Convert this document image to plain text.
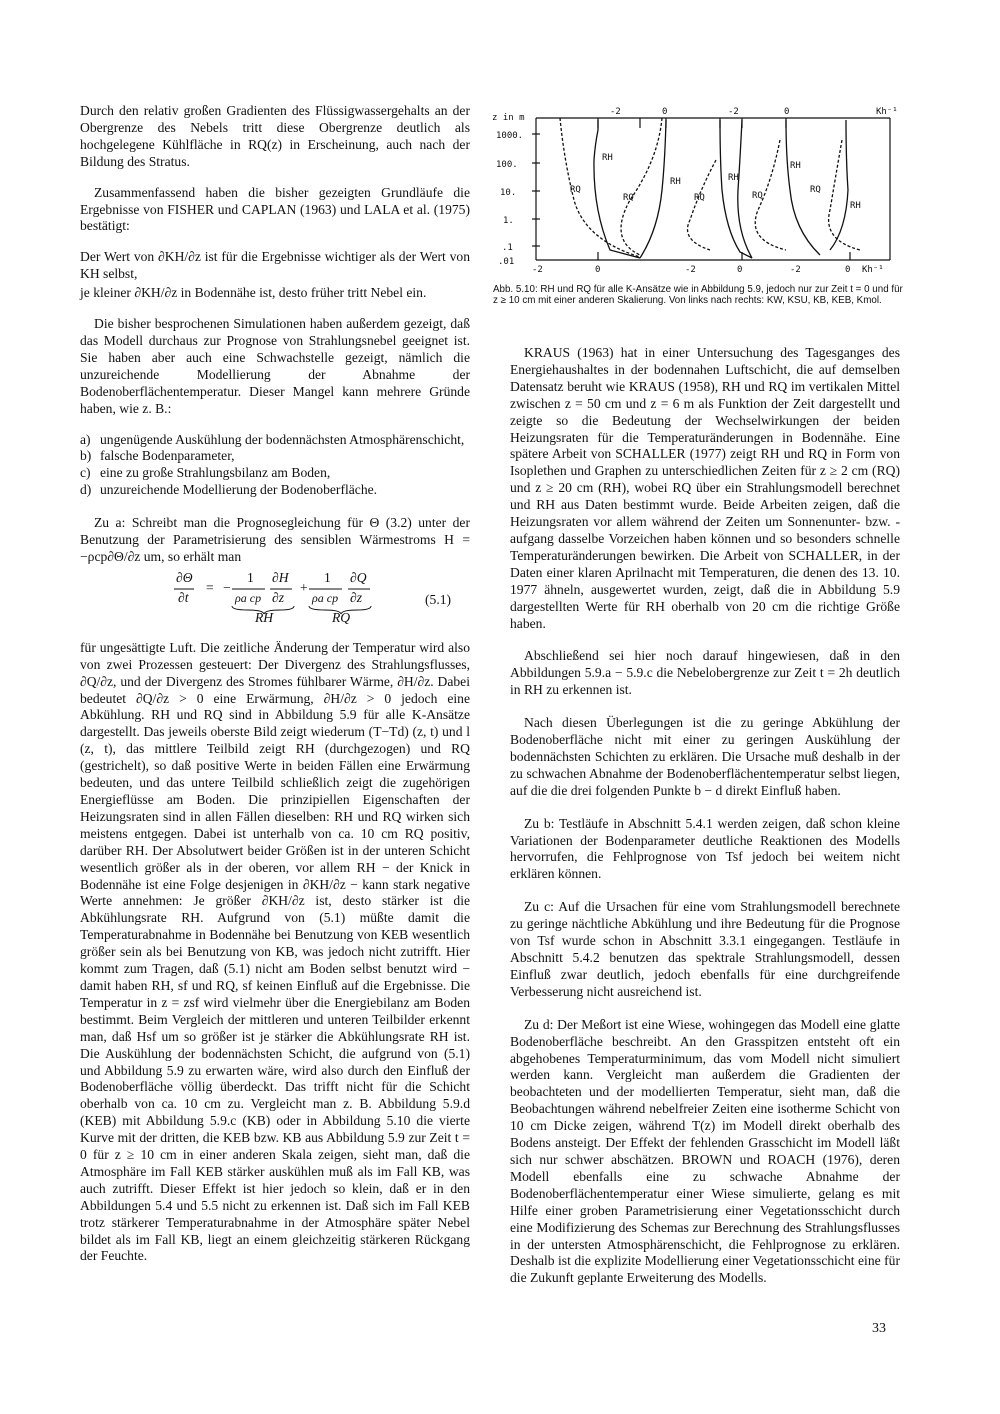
Durch den relativ großen Gradienten des Flüssigwassergehalts an der Obergrenze des Nebels tritt diese Obergrenze deutlich als hochgelegene Kühlfläche in RQ(z) in Erscheinung, auch nach der Bildung des Stratus.

Zusammenfassend haben die bisher gezeigten Grundläufe die Ergebnisse von FISHER und CAPLAN (1963) und LALA et al. (1975) bestätigt:

Der Wert von ∂KH/∂z ist für die Ergebnisse wichtiger als der Wert von KH selbst,

je kleiner ∂KH/∂z in Bodennähe ist, desto früher tritt Nebel ein.

Die bisher besprochenen Simulationen haben außerdem gezeigt, daß das Modell durchaus zur Prognose von Strahlungsnebel geeignet ist. Sie haben aber auch eine Schwachstelle gezeigt, nämlich die unzureichende Modellierung der Abnahme der Bodenoberflächentemperatur. Dieser Mangel kann mehrere Gründe haben, wie z. B.:

a) ungenügende Auskühlung der bodennächsten Atmosphärenschicht,
b) falsche Bodenparameter,
c) eine zu große Strahlungsbilanz am Boden,
d) unzureichende Modellierung der Bodenoberfläche.

Zu a: Schreibt man die Prognosegleichung für Θ (3.2) unter der Benutzung der Parametrisierung des sensiblen Wärmestroms H = −ρcp∂Θ/∂z um, so erhält man

∂Θ
∂t
= −
1
ρa cp
∂H
∂z
+
1
ρa cp
∂Q
∂z
RH	RQ
(5.1)

für ungesättigte Luft. Die zeitliche Änderung der Temperatur wird also von zwei Prozessen gesteuert: Der Divergenz des Strahlungsflusses, ∂Q/∂z, und der Divergenz des Stromes fühlbarer Wärme, ∂H/∂z. Dabei bedeutet ∂Q/∂z > 0 eine Erwärmung, ∂H/∂z > 0 jedoch eine Abkühlung. RH und RQ sind in Abbildung 5.9 für alle K-Ansätze dargestellt. Das jeweils oberste Bild zeigt wiederum (T−Td) (z, t) und l (z, t), das mittlere Teilbild zeigt RH (durchgezogen) und RQ (gestrichelt), so daß positive Werte in beiden Fällen eine Erwärmung bedeuten, und das untere Teilbild schließlich zeigt die zugehörigen Energieflüsse am Boden. Die prinzipiellen Eigenschaften der Heizungsraten sind in allen Fällen dieselben: RH und RQ wirken sich meistens entgegen. Dabei ist unterhalb von ca. 10 cm RQ positiv, darüber RH. Der Absolutwert beider Größen ist in der unteren Schicht wesentlich größer als in der oberen, vor allem RH − der Knick in Bodennähe ist eine Folge desjenigen in ∂KH/∂z − kann stark negative Werte annehmen: Je größer ∂KH/∂z ist, desto stärker ist die Abkühlungsrate RH. Aufgrund von (5.1) müßte damit die Temperaturabnahme in Bodennähe bei Benutzung von KEB wesentlich größer sein als bei Benutzung von KB, was jedoch nicht zutrifft. Hier kommt zum Tragen, daß (5.1) nicht am Boden selbst benutzt wird − damit haben RH, sf und RQ, sf keinen Einfluß auf die Ergebnisse. Die Temperatur in z = zsf wird vielmehr über die Energiebilanz am Boden bestimmt. Beim Vergleich der mittleren und unteren Teilbilder erkennt man, daß Hsf um so größer ist je stärker die Abkühlungsrate RH ist. Die Auskühlung der bodennächsten Schicht, die aufgrund von (5.1) und Abbildung 5.9 zu erwarten wäre, wird also durch den Einfluß der Bodenoberfläche völlig überdeckt. Das trifft nicht für die Schicht oberhalb von ca. 10 cm zu. Vergleicht man z. B. Abbildung 5.9.d (KEB) mit Abbildung 5.9.c (KB) oder in Abbildung 5.10 die vierte Kurve mit der dritten, die KEB bzw. KB aus Abbildung 5.9 zur Zeit t = 0 für z ≥ 10 cm in einer anderen Skala zeigen, sieht man, daß die Atmosphäre im Fall KEB stärker auskühlen muß als im Fall KB, was auch zutrifft. Dieser Effekt ist hier jedoch so klein, daß er in den Abbildungen 5.4 und 5.5 nicht zu erkennen ist. Daß sich im Fall KEB trotz stärkerer Temperaturabnahme in der Atmosphäre später Nebel bildet als im Fall KB, liegt an einem gleichzeitig stärkeren Rückgang der Feuchte.

z in m
1000.
100.
10.
1.
.1
.01
-2	0	-2	0	Kh⁻¹
-2	0	-2	0	-2	0 Kh⁻¹
RH
RQ
RQ
RH
RQ
RH
RQ
RH
RQ
RH
Abb. 5.10: RH und RQ für alle K-Ansätze wie in Abbildung 5.9, jedoch nur zur Zeit t = 0 und für z ≥ 10 cm mit einer anderen Skalierung. Von links nach rechts: KW, KSU, KB, KEB, Kmol.

KRAUS (1963) hat in einer Untersuchung des Tagesganges des Energiehaushaltes in der bodennahen Luftschicht, die auf demselben Datensatz beruht wie KRAUS (1958), RH und RQ im vertikalen Mittel zwischen z = 50 cm und z = 6 m als Funktion der Zeit dargestellt und zeigte so die Bedeutung der Wechselwirkungen der beiden Heizungsraten für die Temperaturänderungen in Bodennähe. Eine spätere Arbeit von SCHALLER (1977) zeigt RH und RQ in Form von Isoplethen und Graphen zu unterschiedlichen Zeiten für z ≥ 2 cm (RQ) und z ≥ 20 cm (RH), wobei RQ über ein Strahlungsmodell berechnet und RH aus Daten bestimmt wurde. Beide Arbeiten zeigen, daß die Heizungsraten vor allem während der Zeiten um Sonnenunter- bzw. -aufgang dasselbe Vorzeichen haben können und so besonders schnelle Temperaturänderungen bewirken. Die Arbeit von SCHALLER, in der Daten einer klaren Aprilnacht mit Temperaturen, die denen des 13. 10. 1977 ähneln, ausgewertet wurden, zeigt, daß die in Abbildung 5.9 dargestellten Werte für RH oberhalb von 20 cm die richtige Größe haben.

Abschließend sei hier noch darauf hingewiesen, daß in den Abbildungen 5.9.a − 5.9.c die Nebelobergrenze zur Zeit t = 2h deutlich in RH zu erkennen ist.

Nach diesen Überlegungen ist die zu geringe Abkühlung der Bodenoberfläche nicht mit einer zu geringen Auskühlung der bodennächsten Schichten zu erklären. Die Ursache muß deshalb in der zu schwachen Abnahme der Bodenoberflächentemperatur selbst liegen, auf die die drei folgenden Punkte b − d direkt Einfluß haben.

Zu b: Testläufe in Abschnitt 5.4.1 werden zeigen, daß schon kleine Variationen der Bodenparameter deutliche Reaktionen des Modells hervorrufen, die Fehlprognose von Tsf jedoch bei weitem nicht erklären können.

Zu c: Auf die Ursachen für eine vom Strahlungsmodell berechnete zu geringe nächtliche Abkühlung und ihre Bedeutung für die Prognose von Tsf wurde schon in Abschnitt 3.3.1 eingegangen. Testläufe in Abschnitt 5.4.2 benutzen das spektrale Strahlungsmodell, dessen Einfluß zwar deutlich, jedoch ebenfalls für eine durchgreifende Verbesserung nicht ausreichend ist.

Zu d: Der Meßort ist eine Wiese, wohingegen das Modell eine glatte Bodenoberfläche beschreibt. An den Grasspitzen entsteht oft ein abgehobenes Temperaturminimum, das vom Modell nicht simuliert werden kann. Vergleicht man außerdem die Gradienten der beobachteten und der modellierten Temperatur, sieht man, daß die Beobachtungen während nebelfreier Zeiten eine isotherme Schicht von 10 cm Dicke zeigen, während T(z) im Modell direkt oberhalb des Bodens ansteigt. Der Effekt der fehlenden Grasschicht im Modell läßt sich nur schwer abschätzen. BROWN und ROACH (1976), deren Modell ebenfalls eine zu schwache Abnahme der Bodenoberflächentemperatur einer Wiese simulierte, gelang es mit Hilfe einer groben Parametrisierung einer Vegetationsschicht durch eine Modifizierung des Schemas zur Berechnung des Strahlungsflusses in der untersten Atmosphärenschicht, die Fehlprognose zu erklären. Deshalb ist die explizite Modellierung einer Vegetationsschicht eine für die Zukunft geplante Erweiterung des Modells.

33
